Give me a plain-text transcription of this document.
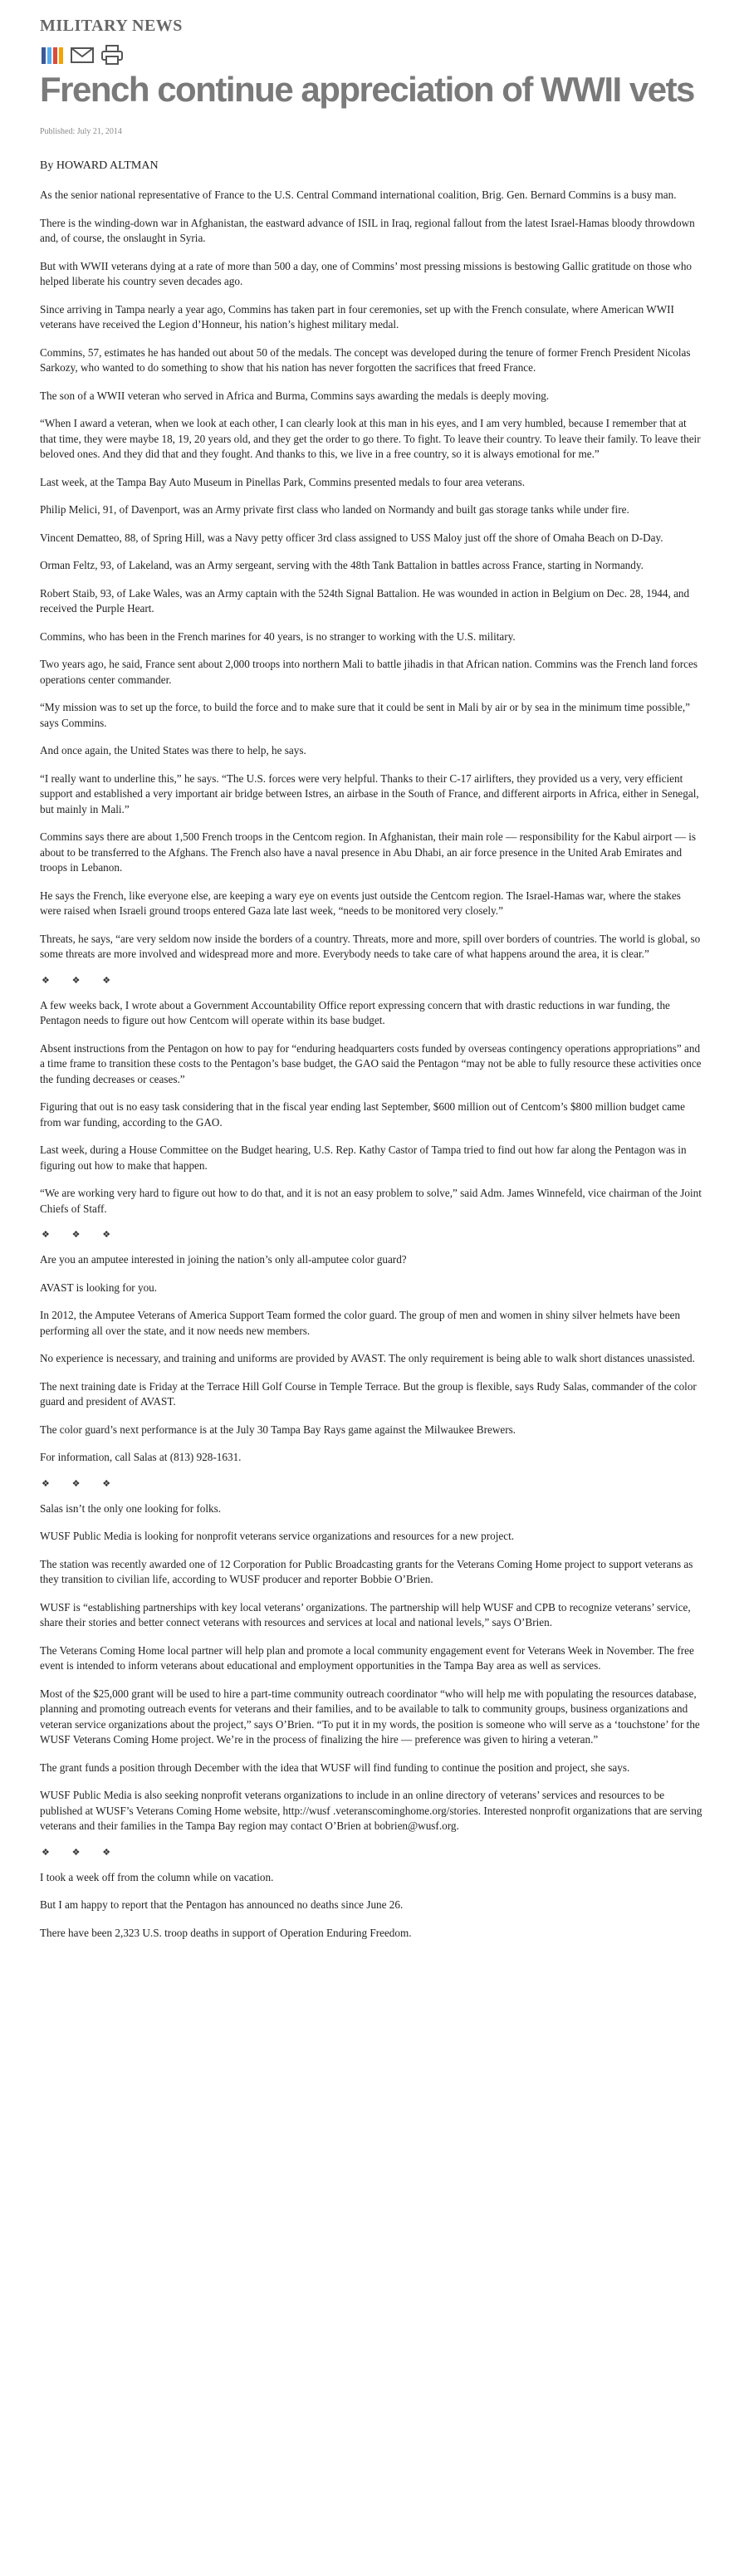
MILITARY NEWS
French continue appreciation of WWII vets
Published: July 21, 2014
By HOWARD ALTMAN

As the senior national representative of France to the U.S. Central Command international coalition, Brig. Gen. Bernard Commins is a busy man.

There is the winding-down war in Afghanistan, the eastward advance of ISIL in Iraq, regional fallout from the latest Israel-Hamas bloody throwdown and, of course, the onslaught in Syria.

But with WWII veterans dying at a rate of more than 500 a day, one of Commins’ most pressing missions is bestowing Gallic gratitude on those who helped liberate his country seven decades ago.

Since arriving in Tampa nearly a year ago, Commins has taken part in four ceremonies, set up with the French consulate, where American WWII veterans have received the Legion d’Honneur, his nation’s highest military medal.

Commins, 57, estimates he has handed out about 50 of the medals. The concept was developed during the tenure of former French President Nicolas Sarkozy, who wanted to do something to show that his nation has never forgotten the sacrifices that freed France.

The son of a WWII veteran who served in Africa and Burma, Commins says awarding the medals is deeply moving.

“When I award a veteran, when we look at each other, I can clearly look at this man in his eyes, and I am very humbled, because I remember that at that time, they were maybe 18, 19, 20 years old, and they get the order to go there. To fight. To leave their country. To leave their family. To leave their beloved ones. And they did that and they fought. And thanks to this, we live in a free country, so it is always emotional for me.”

Last week, at the Tampa Bay Auto Museum in Pinellas Park, Commins presented medals to four area veterans.

Philip Melici, 91, of Davenport, was an Army private first class who landed on Normandy and built gas storage tanks while under fire.

Vincent Dematteo, 88, of Spring Hill, was a Navy petty officer 3rd class assigned to USS Maloy just off the shore of Omaha Beach on D-Day.

Orman Feltz, 93, of Lakeland, was an Army sergeant, serving with the 48th Tank Battalion in battles across France, starting in Normandy.

Robert Staib, 93, of Lake Wales, was an Army captain with the 524th Signal Battalion. He was wounded in action in Belgium on Dec. 28, 1944, and received the Purple Heart.

Commins, who has been in the French marines for 40 years, is no stranger to working with the U.S. military.

Two years ago, he said, France sent about 2,000 troops into northern Mali to battle jihadis in that African nation. Commins was the French land forces operations center commander.

“My mission was to set up the force, to build the force and to make sure that it could be sent in Mali by air or by sea in the minimum time possible,” says Commins.

And once again, the United States was there to help, he says.

“I really want to underline this,” he says. “The U.S. forces were very helpful. Thanks to their C-17 airlifters, they provided us a very, very efficient support and established a very important air bridge between Istres, an airbase in the South of France, and different airports in Africa, either in Senegal, but mainly in Mali.”

Commins says there are about 1,500 French troops in the Centcom region. In Afghanistan, their main role — responsibility for the Kabul airport — is about to be transferred to the Afghans. The French also have a naval presence in Abu Dhabi, an air force presence in the United Arab Emirates and troops in Lebanon.

He says the French, like everyone else, are keeping a wary eye on events just outside the Centcom region. The Israel-Hamas war, where the stakes were raised when Israeli ground troops entered Gaza late last week, “needs to be monitored very closely.”

Threats, he says, “are very seldom now inside the borders of a country. Threats, more and more, spill over borders of countries. The world is global, so some threats are more involved and widespread more and more. Everybody needs to take care of what happens around the area, it is clear.”

❖ ❖ ❖

A few weeks back, I wrote about a Government Accountability Office report expressing concern that with drastic reductions in war funding, the Pentagon needs to figure out how Centcom will operate within its base budget.

Absent instructions from the Pentagon on how to pay for “enduring headquarters costs funded by overseas contingency operations appropriations” and a time frame to transition these costs to the Pentagon’s base budget, the GAO said the Pentagon “may not be able to fully resource these activities once the funding decreases or ceases.”

Figuring that out is no easy task considering that in the fiscal year ending last September, $600 million out of Centcom’s $800 million budget came from war funding, according to the GAO.

Last week, during a House Committee on the Budget hearing, U.S. Rep. Kathy Castor of Tampa tried to find out how far along the Pentagon was in figuring out how to make that happen.

“We are working very hard to figure out how to do that, and it is not an easy problem to solve,” said Adm. James Winnefeld, vice chairman of the Joint Chiefs of Staff.

❖ ❖ ❖

Are you an amputee interested in joining the nation’s only all-amputee color guard?

AVAST is looking for you.

In 2012, the Amputee Veterans of America Support Team formed the color guard. The group of men and women in shiny silver helmets have been performing all over the state, and it now needs new members.

No experience is necessary, and training and uniforms are provided by AVAST. The only requirement is being able to walk short distances unassisted.

The next training date is Friday at the Terrace Hill Golf Course in Temple Terrace. But the group is flexible, says Rudy Salas, commander of the color guard and president of AVAST.

The color guard’s next performance is at the July 30 Tampa Bay Rays game against the Milwaukee Brewers.

For information, call Salas at (813) 928-1631.

❖ ❖ ❖

Salas isn’t the only one looking for folks.

WUSF Public Media is looking for nonprofit veterans service organizations and resources for a new project.

The station was recently awarded one of 12 Corporation for Public Broadcasting grants for the Veterans Coming Home project to support veterans as they transition to civilian life, according to WUSF producer and reporter Bobbie O’Brien.

WUSF is “establishing partnerships with key local veterans’ organizations. The partnership will help WUSF and CPB to recognize veterans’ service, share their stories and better connect veterans with resources and services at local and national levels,” says O’Brien.

The Veterans Coming Home local partner will help plan and promote a local community engagement event for Veterans Week in November. The free event is intended to inform veterans about educational and employment opportunities in the Tampa Bay area as well as services.

Most of the $25,000 grant will be used to hire a part-time community outreach coordinator “who will help me with populating the resources database, planning and promoting outreach events for veterans and their families, and to be available to talk to community groups, business organizations and veteran service organizations about the project,” says O’Brien. “To put it in my words, the position is someone who will serve as a ‘touchstone’ for the WUSF Veterans Coming Home project. We’re in the process of finalizing the hire — preference was given to hiring a veteran.”

The grant funds a position through December with the idea that WUSF will find funding to continue the position and project, she says.

WUSF Public Media is also seeking nonprofit veterans organizations to include in an online directory of veterans’ services and resources to be published at WUSF’s Veterans Coming Home website, http://wusf .veteranscominghome.org/stories. Interested nonprofit organizations that are serving veterans and their families in the Tampa Bay region may contact O’Brien at bobrien@wusf.org.

❖ ❖ ❖

I took a week off from the column while on vacation.

But I am happy to report that the Pentagon has announced no deaths since June 26.

There have been 2,323 U.S. troop deaths in support of Operation Enduring Freedom.
